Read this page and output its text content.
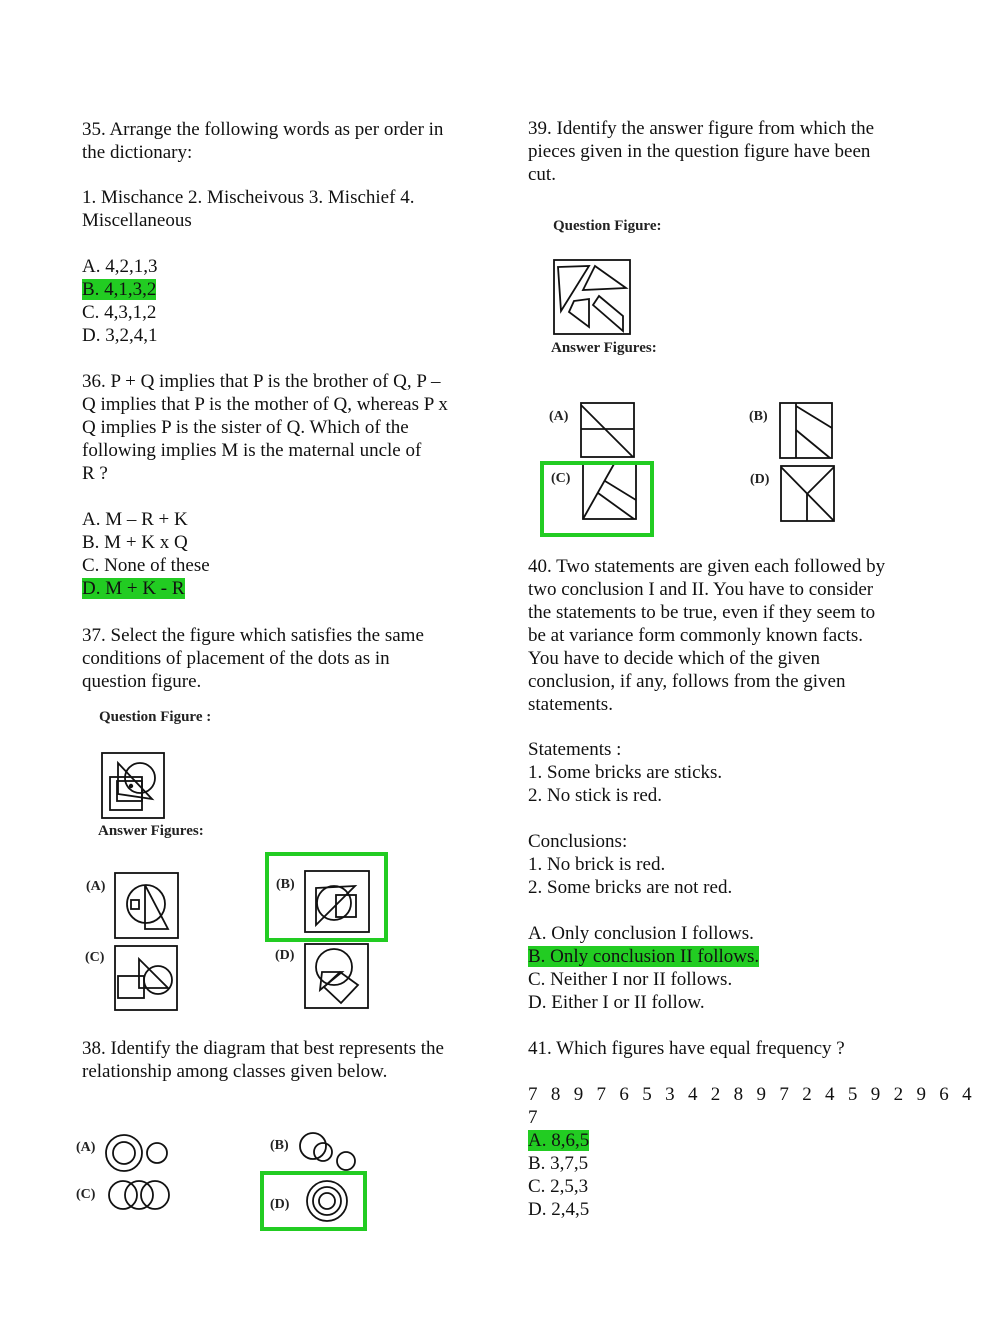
35. Arrange the following words as per order in
the dictionary:
1. Mischance 2. Mischeivous 3. Mischief 4.
Miscellaneous
A. 4,2,1,3
B. 4,1,3,2
C. 4,3,1,2
D. 3,2,4,1
36. P + Q implies that P is the brother of Q, P –
Q implies that P is the mother of Q, whereas P x
Q implies P is the sister of Q. Which of the
following implies M is the maternal uncle of
R ?
A. M – R + K
B. M + K x Q
C. None of these
D. M + K - R
37. Select the figure which satisfies the same
conditions of placement of the dots as in
question figure.
38. Identify the diagram that best represents the
relationship among classes given below.
39. Identify the answer figure from which the
pieces given in the question figure have been
cut.
40. Two statements are given each followed by
two conclusion I and II. You have to consider
the statements to be true, even if they seem to
be at variance form commonly known facts.
You have to decide which of the given
conclusion, if any, follows from the given
statements.
Statements :
1. Some bricks are sticks.
2. No stick is red.
Conclusions:
1. No brick is red.
2. Some bricks are not red.
A. Only conclusion I follows.
B. Only conclusion II follows.
C. Neither I nor II follows.
D. Either I or II follow.
41. Which figures have equal frequency ?
7 8 9 7 6 5 3 4 2 8 9 7 2 4 5 9 2 9 6 4 7
A. 8,6,5
B. 3,7,5
C. 2,5,3
D. 2,4,5
Question Figure :
Answer Figures:
(A)	(B)
(C)	(D)
(A)	(B)
(C)
(D)
Question Figure:
Answer Figures:
(A)	(B)
(C)	(D)
